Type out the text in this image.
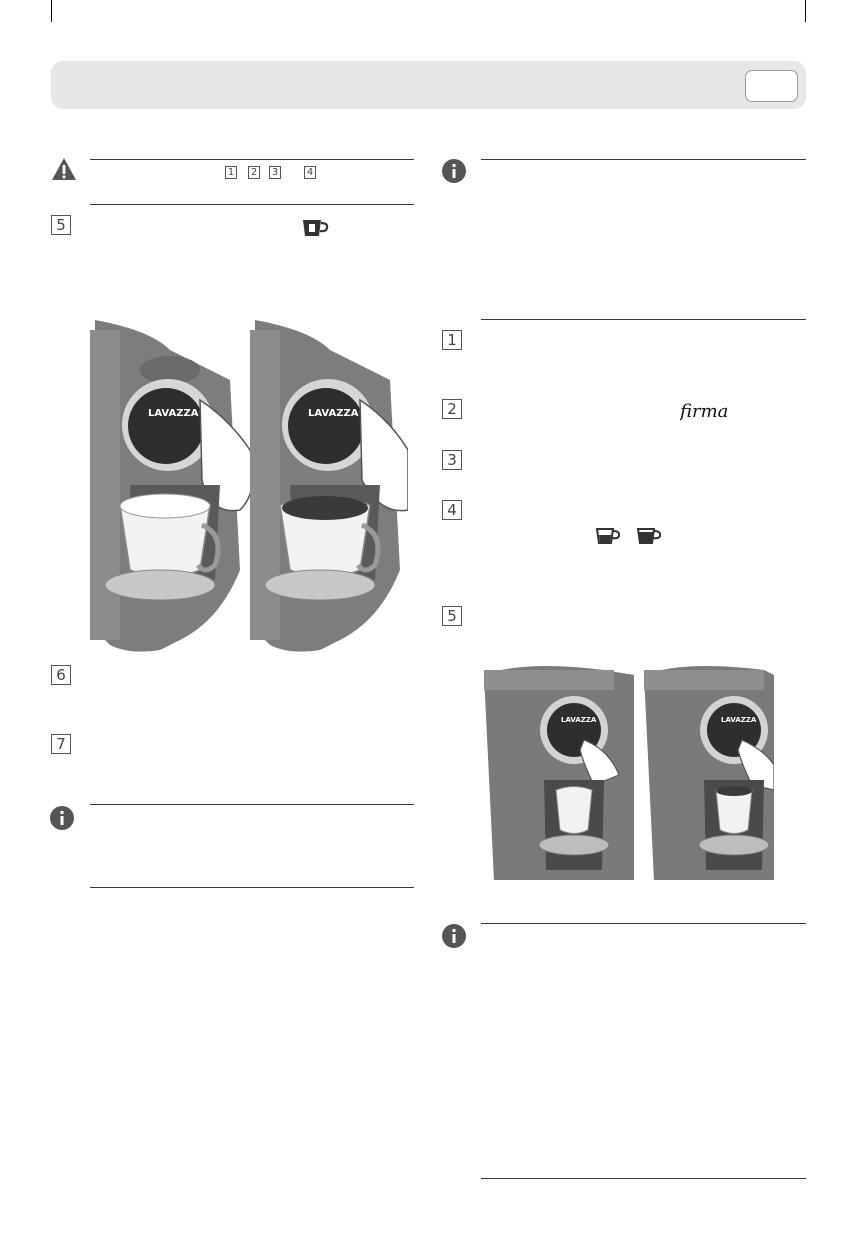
1 2 3	4
5
LAVAZZA	LAVAZZA
6
7
1
2	firma
3
4
5
LAVAZZA	LAVAZZA
